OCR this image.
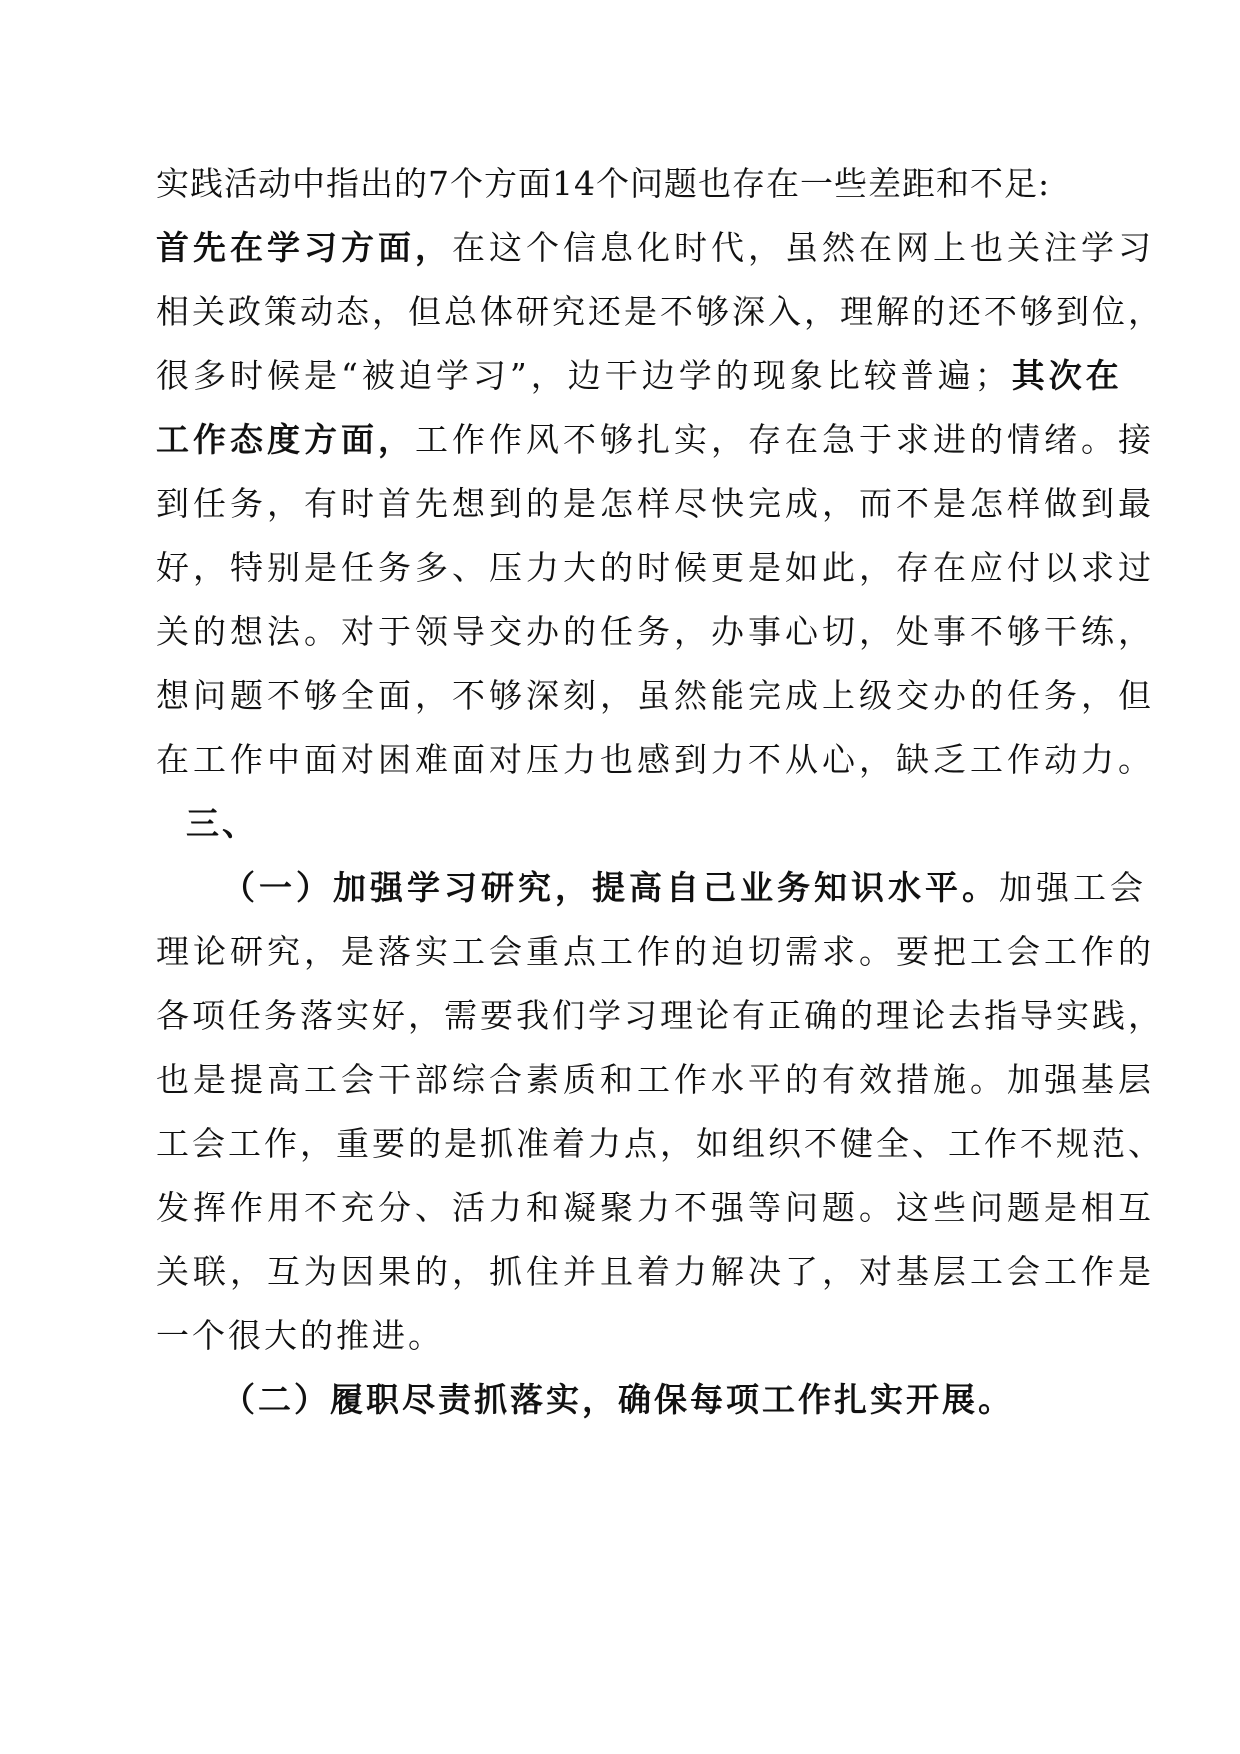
实践活动中指出的7个方面14个问题也存在一些差距和不足:
首先在学习方面，在这个信息化时代，虽然在网上也关注学习
相关政策动态，但总体研究还是不够深入，理解的还不够到位，
很多时候是“被迫学习”，边干边学的现象比较普遍；其次在
工作态度方面，工作作风不够扎实，存在急于求进的情绪。接
到任务，有时首先想到的是怎样尽快完成，而不是怎样做到最
好，特别是任务多、压力大的时候更是如此，存在应付以求过
关的想法。对于领导交办的任务，办事心切，处事不够干练，
想问题不够全面，不够深刻，虽然能完成上级交办的任务，但
在工作中面对困难面对压力也感到力不从心，缺乏工作动力。
三、
（一）加强学习研究，提高自己业务知识水平。加强工会
理论研究，是落实工会重点工作的迫切需求。要把工会工作的
各项任务落实好，需要我们学习理论有正确的理论去指导实践，
也是提高工会干部综合素质和工作水平的有效措施。加强基层
工会工作，重要的是抓准着力点，如组织不健全、工作不规范、
发挥作用不充分、活力和凝聚力不强等问题。这些问题是相互
关联，互为因果的，抓住并且着力解决了，对基层工会工作是
一个很大的推进。
（二）履职尽责抓落实，确保每项工作扎实开展。
